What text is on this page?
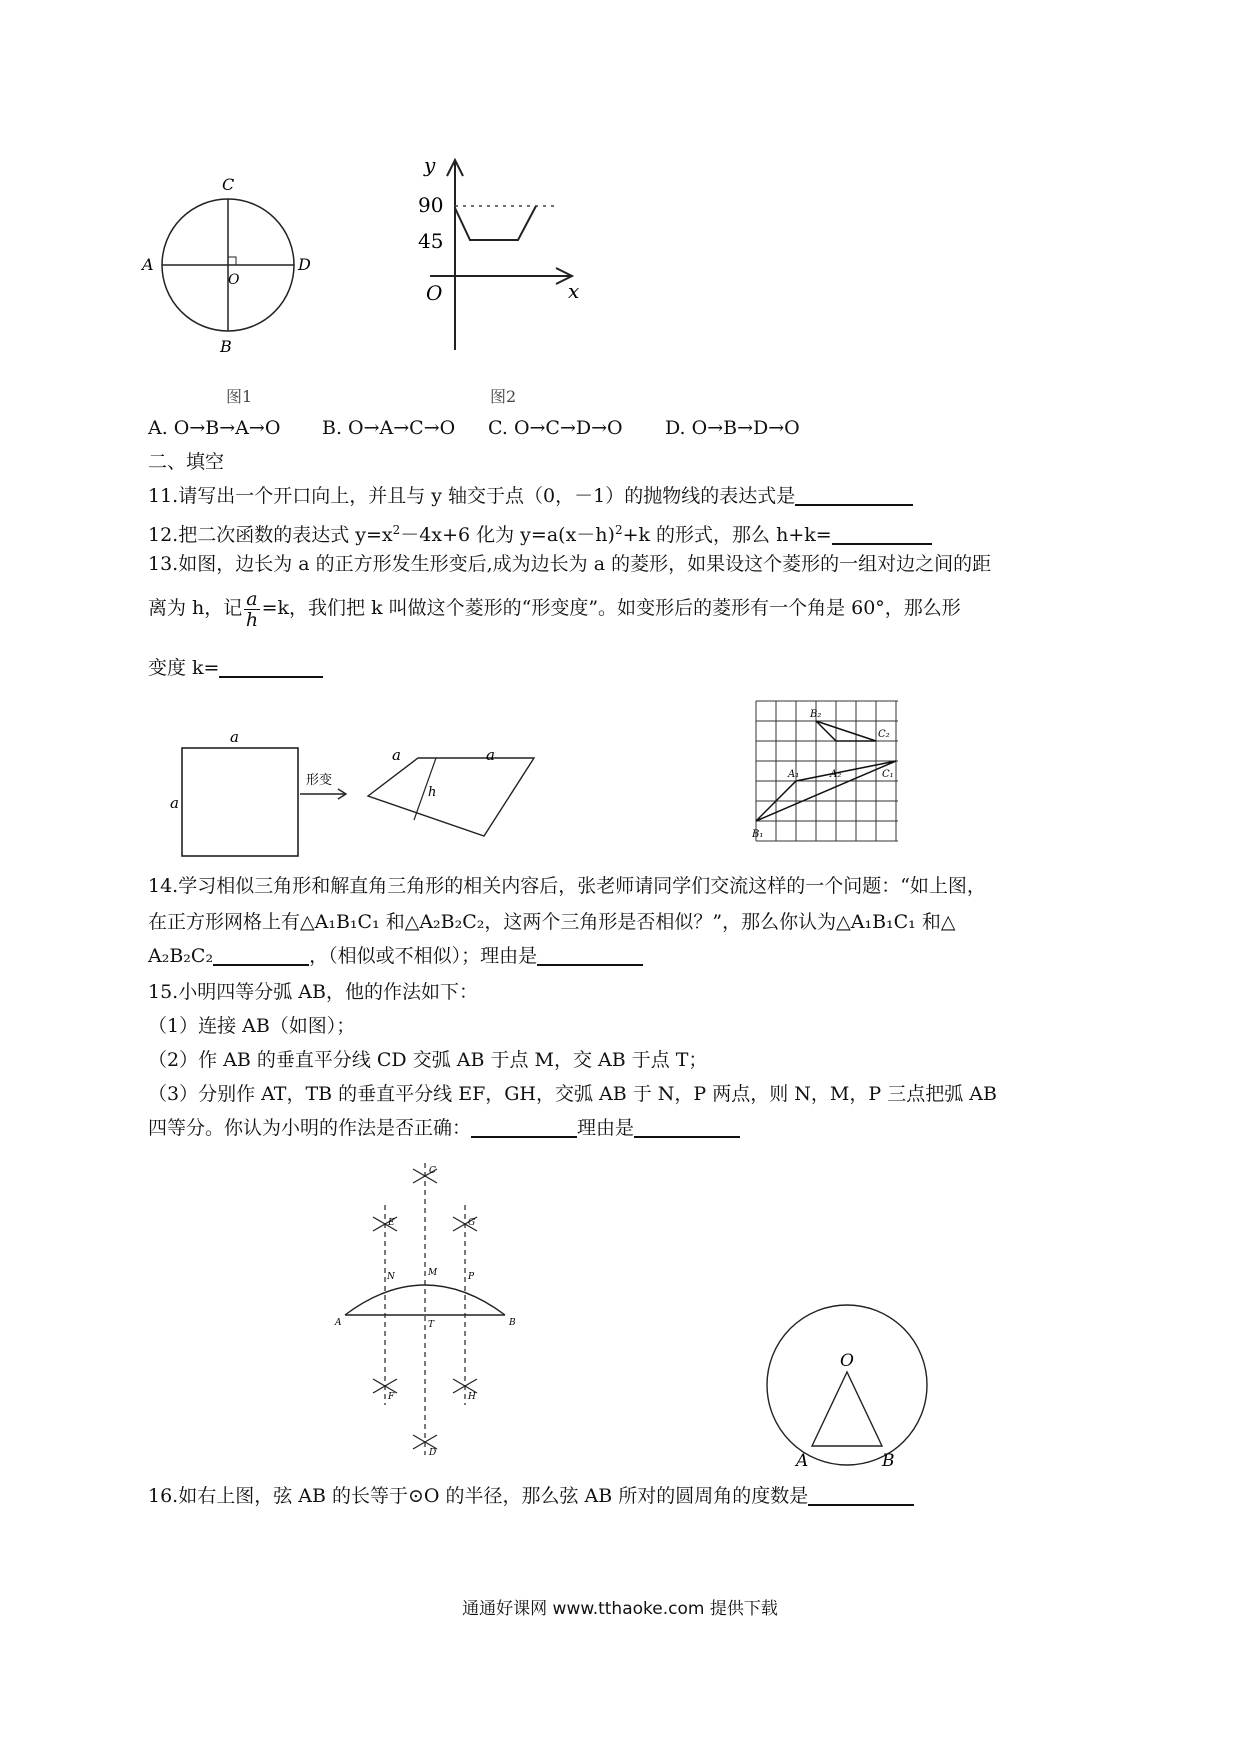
C
A
O
D
B
图1
y
90
45
O	x
图2
A. O→B→A→O B. O→A→C→O C. O→C→D→O D. O→B→D→O
二、填空
11.请写出一个开口向上，并且与 y 轴交于点（0，－1）的抛物线的表达式是
12.把二次函数的表达式 $y=x^2-4x+6$ 化为 $y=a(x-h)^2+k$ 的形式，那么 h+k=
13.如图，边长为 a 的正方形发生形变后,成为边长为 a 的菱形，如果设这个菱形的一组对边之间的距
离为 h，记 $\frac{a}{h} =k$，我们把 k 叫做这个菱形的“形变度”。如变形后的菱形有一个角是 60°，那么形
变度 k=
a
a
形变
a	a
h
B₂
C₂
A₁	A₂	C₁
B₁
14.学习相似三角形和解直角三角形的相关内容后，张老师请同学们交流这样的一个问题：“如上图，
在正方形网格上有△A₁B₁C₁ 和△A₂B₂C₂，这两个三角形是否相似？”，那么你认为△A₁B₁C₁ 和△
A₂B₂C₂	，（相似或不相似）；理由是
15.小明四等分弧 AB，他的作法如下：
（1）连接 AB（如图）；
（2）作 AB 的垂直平分线 CD 交弧 AB 于点 M，交 AB 于点 T；
（3）分别作 AT，TB 的垂直平分线 EF，GH，交弧 AB 于 N，P 两点，则 N，M，P 三点把弧 AB
四等分。你认为小明的作法是否正确：	理由是
C
E	G
M
N	P
A	T	B
F	H
D
O
A	B
16.如右上图，弦 AB 的长等于⊙O 的半径，那么弦 AB 所对的圆周角的度数是
通通好课网 www.tthaoke.com 提供下载
